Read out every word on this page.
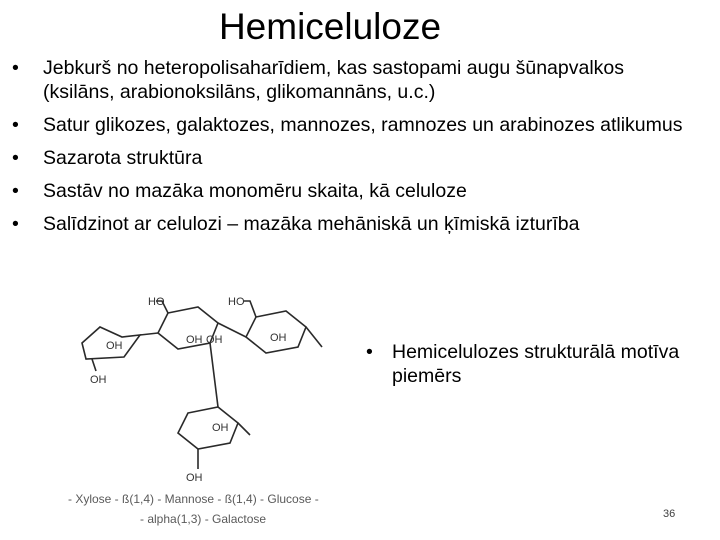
Hemiceluloze
• Jebkurš no heteropolisaharīdiem, kas sastopami augu šūnapvalkos (ksilāns, arabionoksilāns, glikomannāns, u.c.)
• Satur glikozes, galaktozes, mannozes, ramnozes un arabinozes atlikumus
• Sazarota struktūra
• Sastāv no mazāka monomēru skaita, kā celuloze
• Salīdzinot ar celulozi – mazāka mehāniskā un ķīmiskā izturība
HO	HO
OH	OH OH	OH
OH
OH
OH
- Xylose - ß(1,4) - Mannose - ß(1,4) - Glucose -
- alpha(1,3) - Galactose
• Hemicelulozes strukturālā motīva piemērs
36
